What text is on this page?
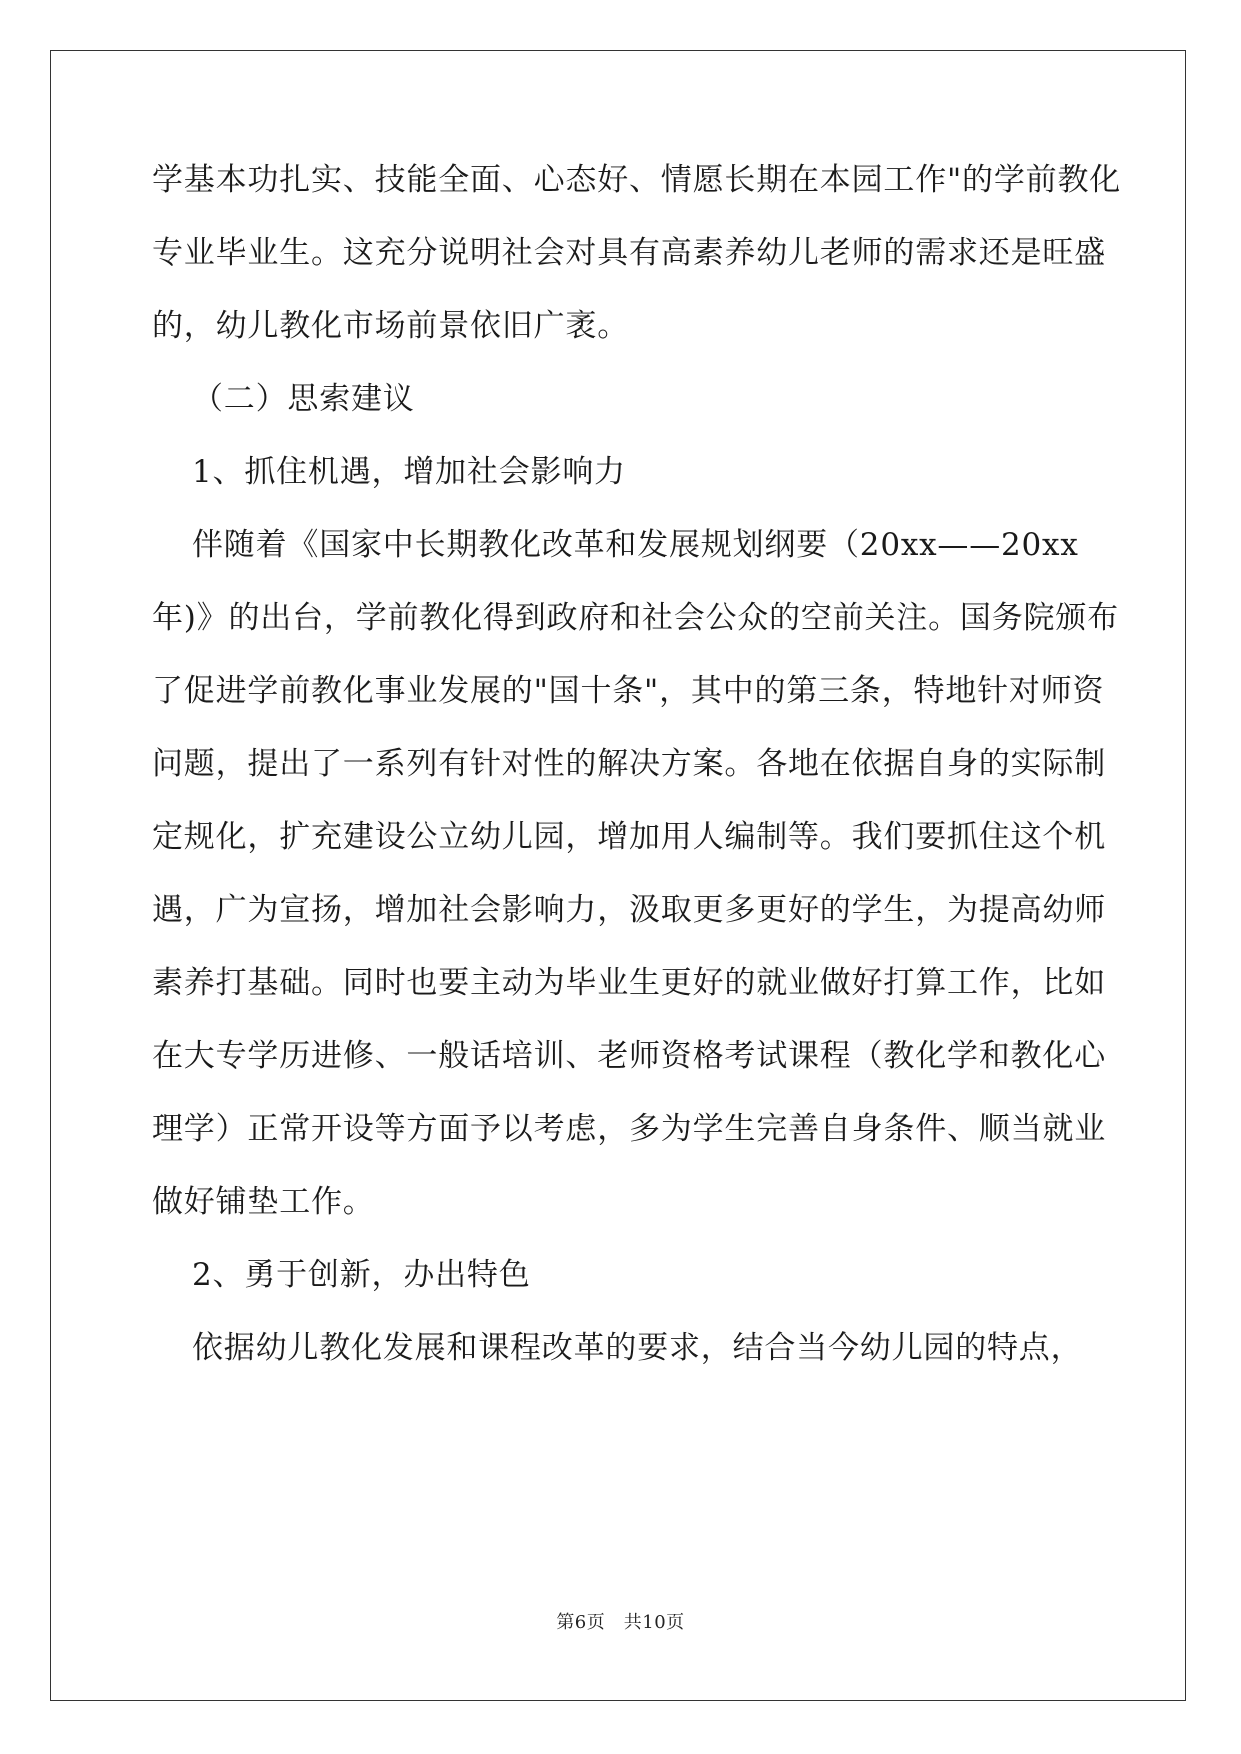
学基本功扎实、技能全面、心态好、情愿长期在本园工作"的学前教化
专业毕业生。这充分说明社会对具有高素养幼儿老师的需求还是旺盛
的，幼儿教化市场前景依旧广袤。
（二）思索建议
1、抓住机遇，增加社会影响力
伴随着《国家中长期教化改革和发展规划纲要（20xx——20xx
年)》的出台，学前教化得到政府和社会公众的空前关注。国务院颁布
了促进学前教化事业发展的"国十条"，其中的第三条，特地针对师资
问题，提出了一系列有针对性的解决方案。各地在依据自身的实际制
定规化，扩充建设公立幼儿园，增加用人编制等。我们要抓住这个机
遇，广为宣扬，增加社会影响力，汲取更多更好的学生，为提高幼师
素养打基础。同时也要主动为毕业生更好的就业做好打算工作，比如
在大专学历进修、一般话培训、老师资格考试课程（教化学和教化心
理学）正常开设等方面予以考虑，多为学生完善自身条件、顺当就业
做好铺垫工作。
2、勇于创新，办出特色
依据幼儿教化发展和课程改革的要求，结合当今幼儿园的特点，
第6页　共10页
